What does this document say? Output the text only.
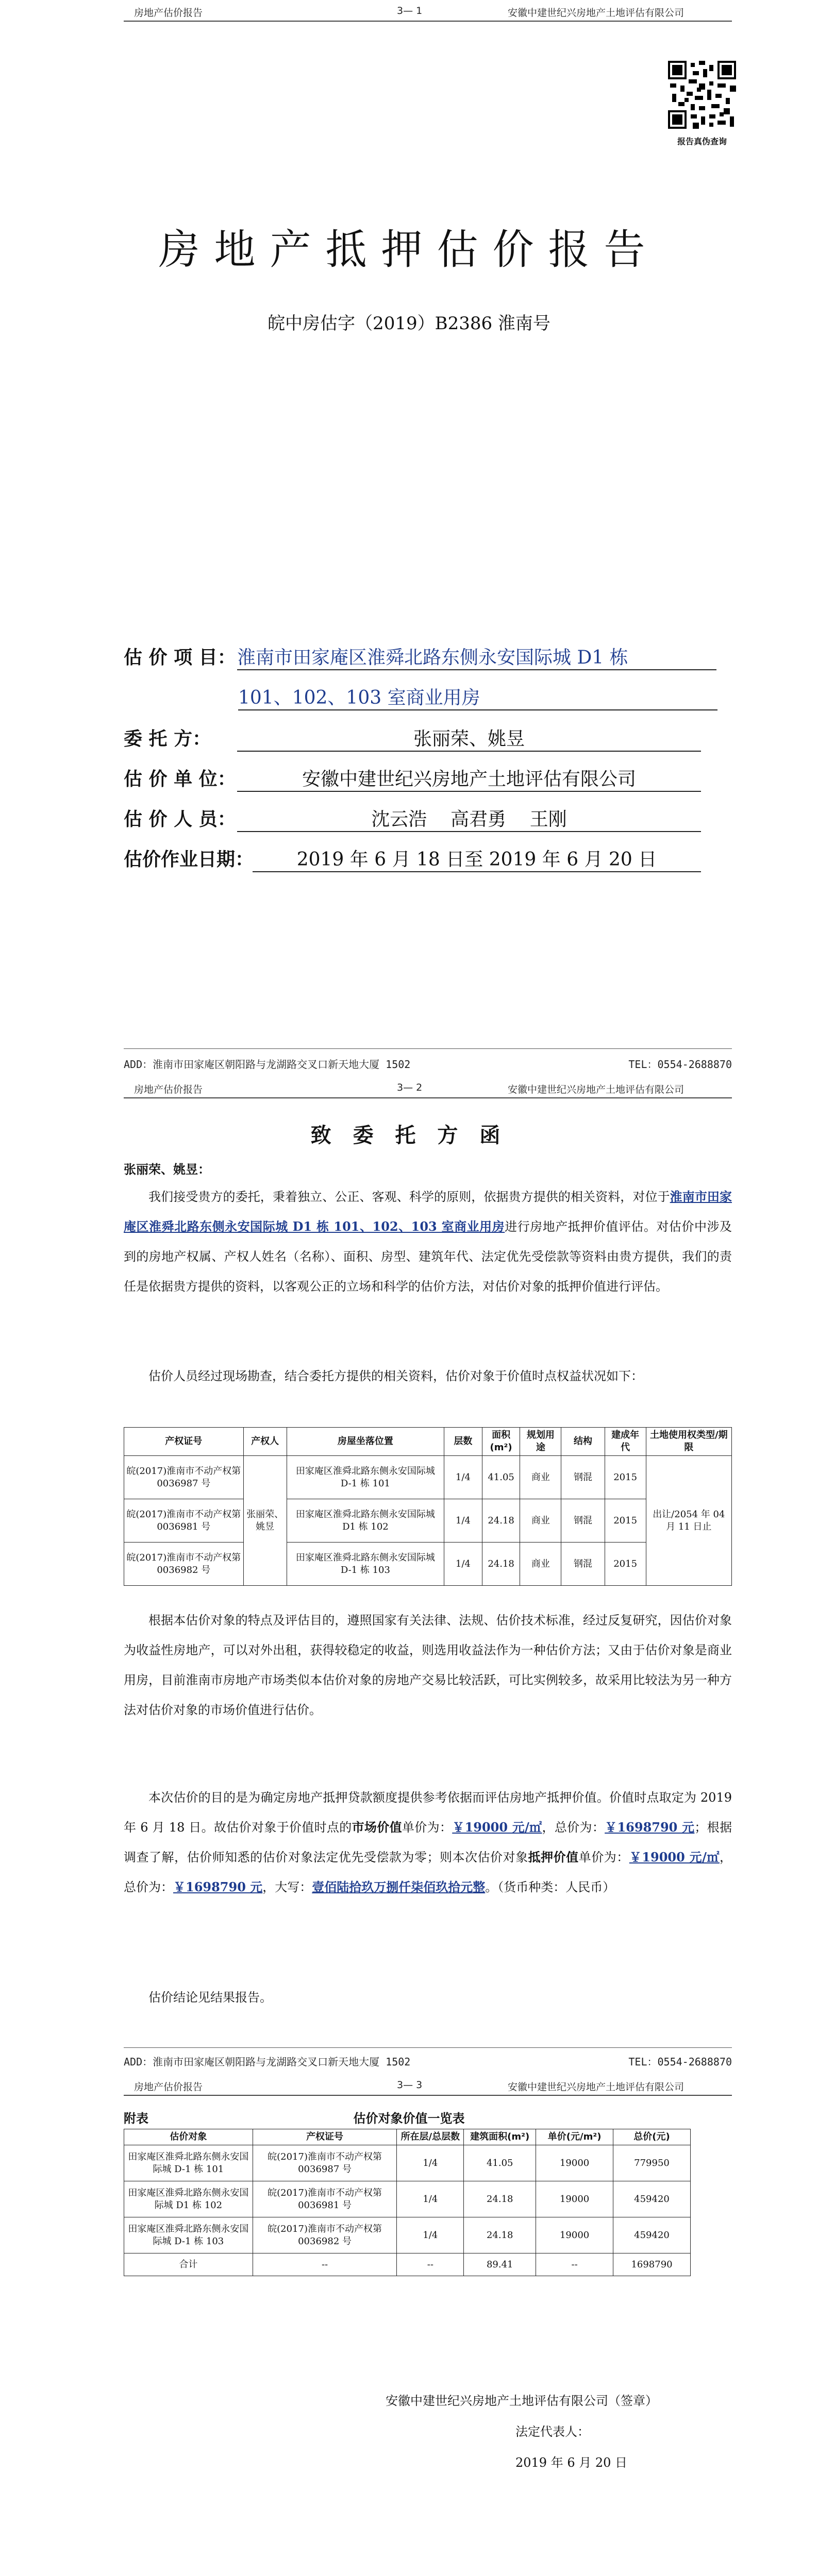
房地产估价报告	3— 1	安徽中建世纪兴房地产土地评估有限公司
报告真伪查询
房地产抵押估价报告
皖中房估字（2019）B2386 淮南号
估 价 项 目：淮南市田家庵区淮舜北路东侧永安国际城 D1 栋
101、102、103 室商业用房
委 托 方：	张丽荣、姚昱
估 价 单 位：	安徽中建世纪兴房地产土地评估有限公司
估 价 人 员：	沈云浩    高君勇    王刚
估价作业日期： 2019 年 6 月 18 日至 2019 年 6 月 20 日
ADD：淮南市田家庵区朝阳路与龙湖路交叉口新天地大厦 1502	TEL：0554-2688870
房地产估价报告	3— 2	安徽中建世纪兴房地产土地评估有限公司
致 委 托 方 函
张丽荣、姚昱：
我们接受贵方的委托，秉着独立、公正、客观、科学的原则，依据贵方提供的相关资料，对位于淮南市田家庵区淮舜北路东侧永安国际城 D1 栋 101、102、103 室商业用房进行房地产抵押价值评估。对估价中涉及到的房地产权属、产权人姓名（名称）、面积、房型、建筑年代、法定优先受偿款等资料由贵方提供，我们的责任是依据贵方提供的资料，以客观公正的立场和科学的估价方法，对估价对象的抵押价值进行评估。
估价人员经过现场勘查，结合委托方提供的相关资料，估价对象于价值时点权益状况如下：
产权证号	产权人	房屋坐落位置	层数	面积(m²)	规划用途	结构	建成年代	土地使用权类型/期限
皖(2017)淮南市不动产权第 0036987 号	张丽荣、姚昱	田家庵区淮舜北路东侧永安国际城 D-1 栋 101	1/4	41.05	商业	钢混	2015	出让/2054 年 04 月 11 日止
皖(2017)淮南市不动产权第 0036981 号		田家庵区淮舜北路东侧永安国际城 D1 栋 102	1/4	24.18	商业	钢混	2015	
皖(2017)淮南市不动产权第 0036982 号		田家庵区淮舜北路东侧永安国际城 D-1 栋 103	1/4	24.18	商业	钢混	2015	
根据本估价对象的特点及评估目的，遵照国家有关法律、法规、估价技术标准，经过反复研究，因估价对象为收益性房地产，可以对外出租，获得较稳定的收益，则选用收益法作为一种估价方法；又由于估价对象是商业用房，目前淮南市房地产市场类似本估价对象的房地产交易比较活跃，可比实例较多，故采用比较法为另一种方法对估价对象的市场价值进行估价。
本次估价的目的是为确定房地产抵押贷款额度提供参考依据而评估房地产抵押价值。价值时点取定为 2019 年 6 月 18 日。故估价对象于价值时点的市场价值单价为：￥19000 元/㎡，总价为：￥1698790 元；根据调查了解，估价师知悉的估价对象法定优先受偿款为零；则本次估价对象抵押价值单价为：￥19000 元/㎡，总价为：￥1698790 元，大写：壹佰陆拾玖万捌仟柒佰玖拾元整。（货币种类：人民币）
估价结论见结果报告。
ADD：淮南市田家庵区朝阳路与龙湖路交叉口新天地大厦 1502	TEL：0554-2688870
房地产估价报告	3— 3	安徽中建世纪兴房地产土地评估有限公司
附表	估价对象价值一览表
估价对象	产权证号	所在层/总层数	建筑面积(m²)	单价(元/m²)	总价(元)
田家庵区淮舜北路东侧永安国际城 D-1 栋 101	皖(2017)淮南市不动产权第 0036987 号	1/4	41.05	19000	779950
田家庵区淮舜北路东侧永安国际城 D1 栋 102	皖(2017)淮南市不动产权第 0036981 号	1/4	24.18	19000	459420
田家庵区淮舜北路东侧永安国际城 D-1 栋 103	皖(2017)淮南市不动产权第 0036982 号	1/4	24.18	19000	459420
合计	--	--	89.41	--	1698790
安徽中建世纪兴房地产土地评估有限公司（签章）
法定代表人：
2019 年 6 月 20 日
